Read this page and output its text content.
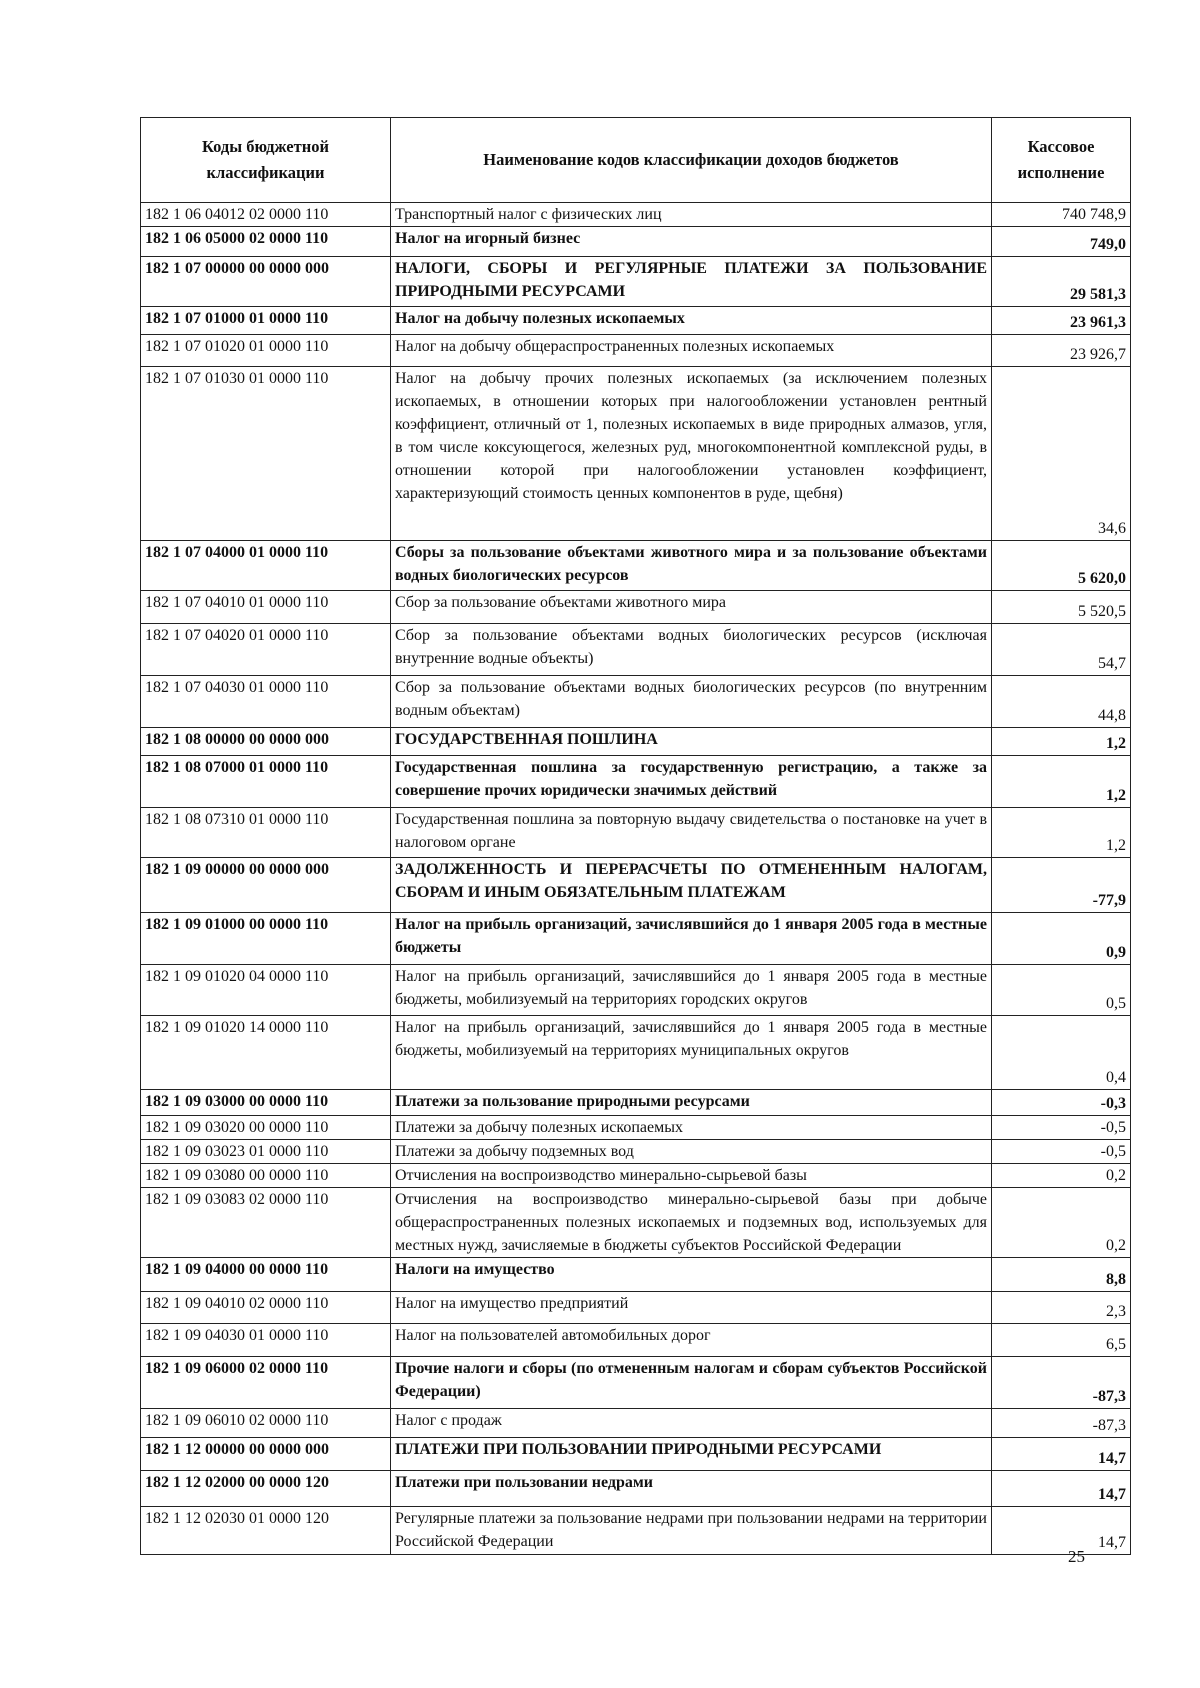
Коды бюджетной классификации	Наименование кодов классификации доходов бюджетов	Кассовое исполнение
182 1 06 04012 02 0000 110	Транспортный налог с физических лиц	740 748,9
182 1 06 05000 02 0000 110	Налог на игорный бизнес	749,0
182 1 07 00000 00 0000 000	НАЛОГИ, СБОРЫ И РЕГУЛЯРНЫЕ ПЛАТЕЖИ ЗА ПОЛЬЗОВАНИЕ ПРИРОДНЫМИ РЕСУРСАМИ	29 581,3
182 1 07 01000 01 0000 110	Налог на добычу полезных ископаемых	23 961,3
182 1 07 01020 01 0000 110	Налог на добычу общераспространенных полезных ископаемых	23 926,7
182 1 07 01030 01 0000 110	Налог на добычу прочих полезных ископаемых (за исключением полезных ископаемых, в отношении которых при налогообложении установлен рентный коэффициент, отличный от 1, полезных ископаемых в виде природных алмазов, угля, в том числе коксующегося, железных руд, многокомпонентной комплексной руды, в отношении которой при налогообложении установлен коэффициент, характеризующий стоимость ценных компонентов в руде, щебня)	34,6
182 1 07 04000 01 0000 110	Сборы за пользование объектами животного мира и за пользование объектами водных биологических ресурсов	5 620,0
182 1 07 04010 01 0000 110	Сбор за пользование объектами животного мира	5 520,5
182 1 07 04020 01 0000 110	Сбор за пользование объектами водных биологических ресурсов (исключая внутренние водные объекты)	54,7
182 1 07 04030 01 0000 110	Сбор за пользование объектами водных биологических ресурсов (по внутренним водным объектам)	44,8
182 1 08 00000 00 0000 000	ГОСУДАРСТВЕННАЯ ПОШЛИНА	1,2
182 1 08 07000 01 0000 110	Государственная пошлина за государственную регистрацию, а также за совершение прочих юридически значимых действий	1,2
182 1 08 07310 01 0000 110	Государственная пошлина за повторную выдачу свидетельства о постановке на учет в налоговом органе	1,2
182 1 09 00000 00 0000 000	ЗАДОЛЖЕННОСТЬ И ПЕРЕРАСЧЕТЫ ПО ОТМЕНЕННЫМ НАЛОГАМ, СБОРАМ И ИНЫМ ОБЯЗАТЕЛЬНЫМ ПЛАТЕЖАМ	-77,9
182 1 09 01000 00 0000 110	Налог на прибыль организаций, зачислявшийся до 1 января 2005 года в местные бюджеты	0,9
182 1 09 01020 04 0000 110	Налог на прибыль организаций, зачислявшийся до 1 января 2005 года в местные бюджеты, мобилизуемый на территориях городских округов	0,5
182 1 09 01020 14 0000 110	Налог на прибыль организаций, зачислявшийся до 1 января 2005 года в местные бюджеты, мобилизуемый на территориях муниципальных округов	0,4
182 1 09 03000 00 0000 110	Платежи за пользование природными ресурсами	-0,3
182 1 09 03020 00 0000 110	Платежи за добычу полезных ископаемых	-0,5
182 1 09 03023 01 0000 110	Платежи за добычу подземных вод	-0,5
182 1 09 03080 00 0000 110	Отчисления на воспроизводство минерально-сырьевой базы	0,2
182 1 09 03083 02 0000 110	Отчисления на воспроизводство минерально-сырьевой базы при добыче общераспространенных полезных ископаемых и подземных вод, используемых для местных нужд, зачисляемые в бюджеты субъектов Российской Федерации	0,2
182 1 09 04000 00 0000 110	Налоги на имущество	8,8
182 1 09 04010 02 0000 110	Налог на имущество предприятий	2,3
182 1 09 04030 01 0000 110	Налог на пользователей автомобильных дорог	6,5
182 1 09 06000 02 0000 110	Прочие налоги и сборы (по отмененным налогам и сборам субъектов Российской Федерации)	-87,3
182 1 09 06010 02 0000 110	Налог с продаж	-87,3
182 1 12 00000 00 0000 000	ПЛАТЕЖИ ПРИ ПОЛЬЗОВАНИИ ПРИРОДНЫМИ РЕСУРСАМИ	14,7
182 1 12 02000 00 0000 120	Платежи при пользовании недрами	14,7
182 1 12 02030 01 0000 120	Регулярные платежи за пользование недрами при пользовании недрами на территории Российской Федерации	14,7
25
